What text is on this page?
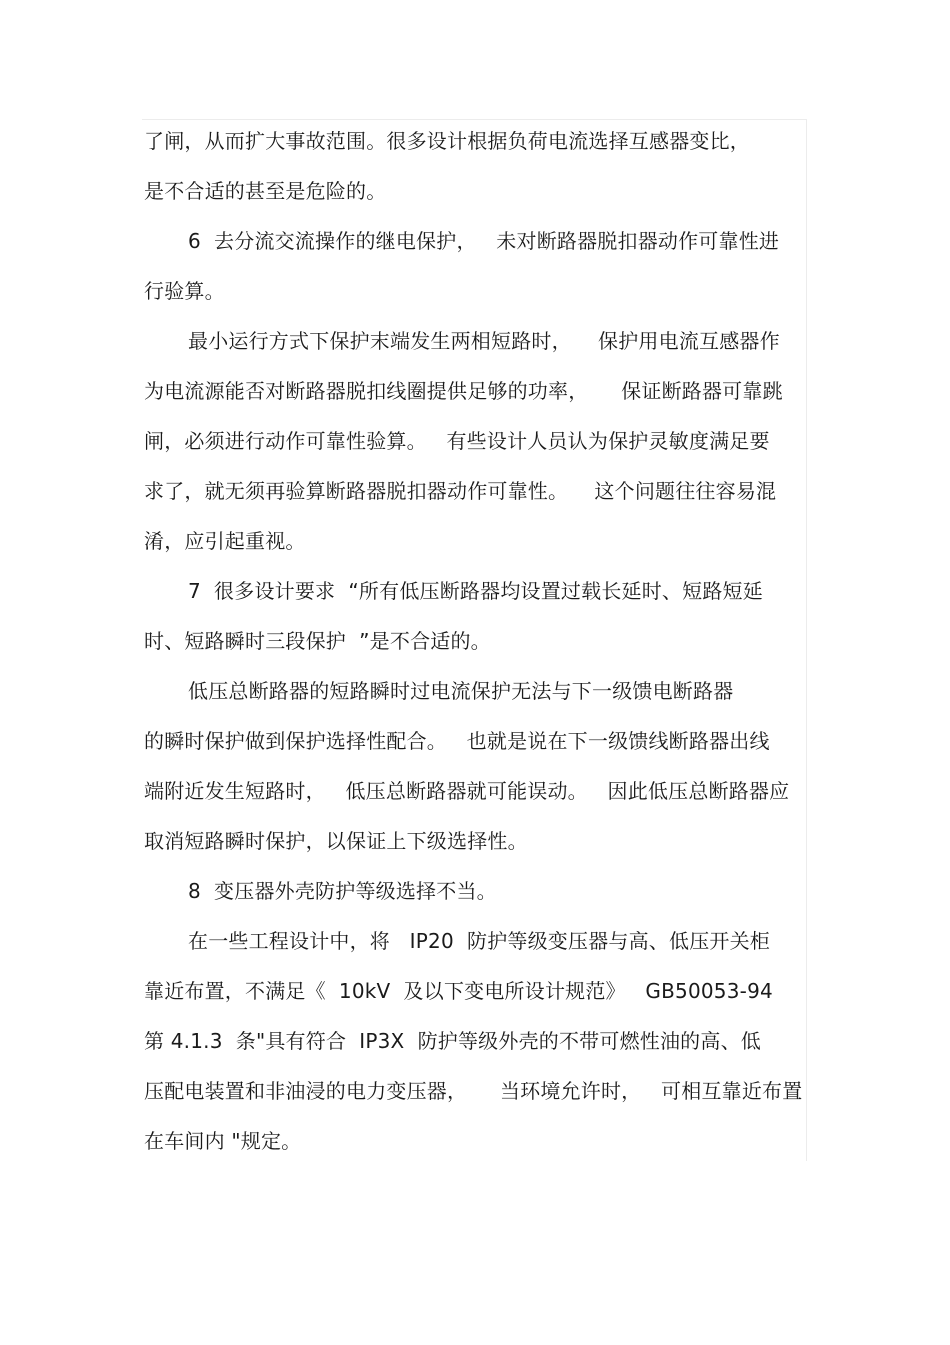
了闸，从而扩大事故范围。很多设计根据负荷电流选择互感器变比，
是不合适的甚至是危险的。
6  去分流交流操作的继电保护，   未对断路器脱扣器动作可靠性进
行验算。
最小运行方式下保护末端发生两相短路时，    保护用电流互感器作
为电流源能否对断路器脱扣线圈提供足够的功率，     保证断路器可靠跳
闸，必须进行动作可靠性验算。   有些设计人员认为保护灵敏度满足要
求了，就无须再验算断路器脱扣器动作可靠性。    这个问题往往容易混
淆，应引起重视。
7  很多设计要求  “所有低压断路器均设置过载长延时、短路短延
时、短路瞬时三段保护  ”是不合适的。
低压总断路器的短路瞬时过电流保护无法与下一级馈电断路器
的瞬时保护做到保护选择性配合。   也就是说在下一级馈线断路器出线
端附近发生短路时，   低压总断路器就可能误动。   因此低压总断路器应
取消短路瞬时保护，以保证上下级选择性。
8  变压器外壳防护等级选择不当。
在一些工程设计中，将   IP20  防护等级变压器与高、低压开关柜
靠近布置，不满足《  10kV  及以下变电所设计规范》   GB50053-94
第 4.1.3  条"具有符合  IP3X  防护等级外壳的不带可燃性油的高、低
压配电装置和非油浸的电力变压器，     当环境允许时，   可相互靠近布置
在车间内 "规定。
